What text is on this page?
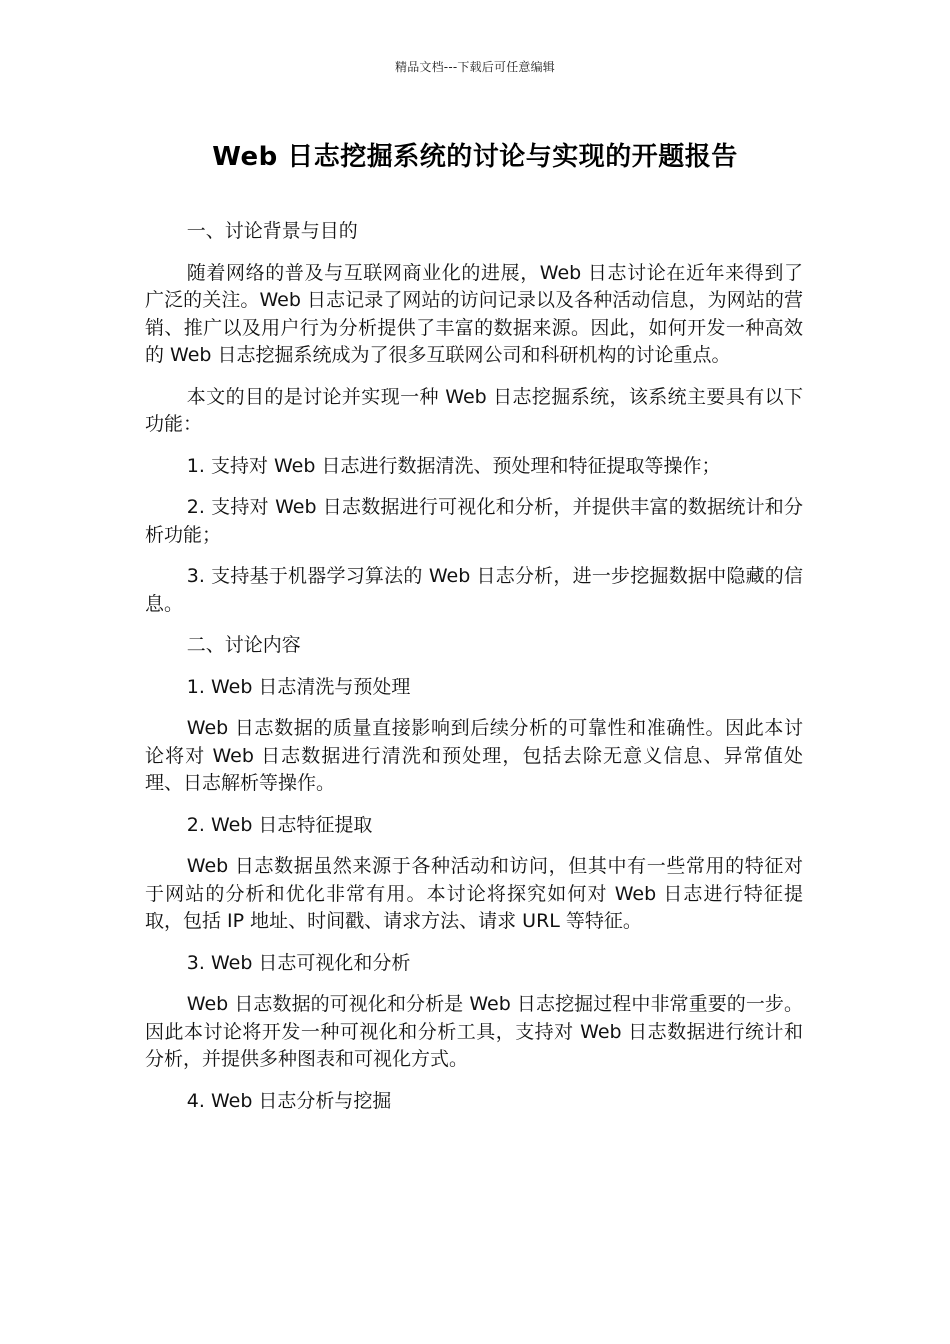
精品文档---下载后可任意编辑
Web 日志挖掘系统的讨论与实现的开题报告

一、讨论背景与目的

随着网络的普及与互联网商业化的进展，Web 日志讨论在近年来得到了广泛的关注。Web 日志记录了网站的访问记录以及各种活动信息，为网站的营销、推广以及用户行为分析提供了丰富的数据来源。因此，如何开发一种高效的 Web 日志挖掘系统成为了很多互联网公司和科研机构的讨论重点。

本文的目的是讨论并实现一种 Web 日志挖掘系统，该系统主要具有以下功能：

1. 支持对 Web 日志进行数据清洗、预处理和特征提取等操作；

2. 支持对 Web 日志数据进行可视化和分析，并提供丰富的数据统计和分析功能；

3. 支持基于机器学习算法的 Web 日志分析，进一步挖掘数据中隐藏的信息。

二、讨论内容

1. Web 日志清洗与预处理

Web 日志数据的质量直接影响到后续分析的可靠性和准确性。因此本讨论将对 Web 日志数据进行清洗和预处理，包括去除无意义信息、异常值处理、日志解析等操作。

2. Web 日志特征提取

Web 日志数据虽然来源于各种活动和访问，但其中有一些常用的特征对于网站的分析和优化非常有用。本讨论将探究如何对 Web 日志进行特征提取，包括 IP 地址、时间戳、请求方法、请求 URL 等特征。

3. Web 日志可视化和分析

Web 日志数据的可视化和分析是 Web 日志挖掘过程中非常重要的一步。因此本讨论将开发一种可视化和分析工具，支持对 Web 日志数据进行统计和分析，并提供多种图表和可视化方式。

4. Web 日志分析与挖掘
